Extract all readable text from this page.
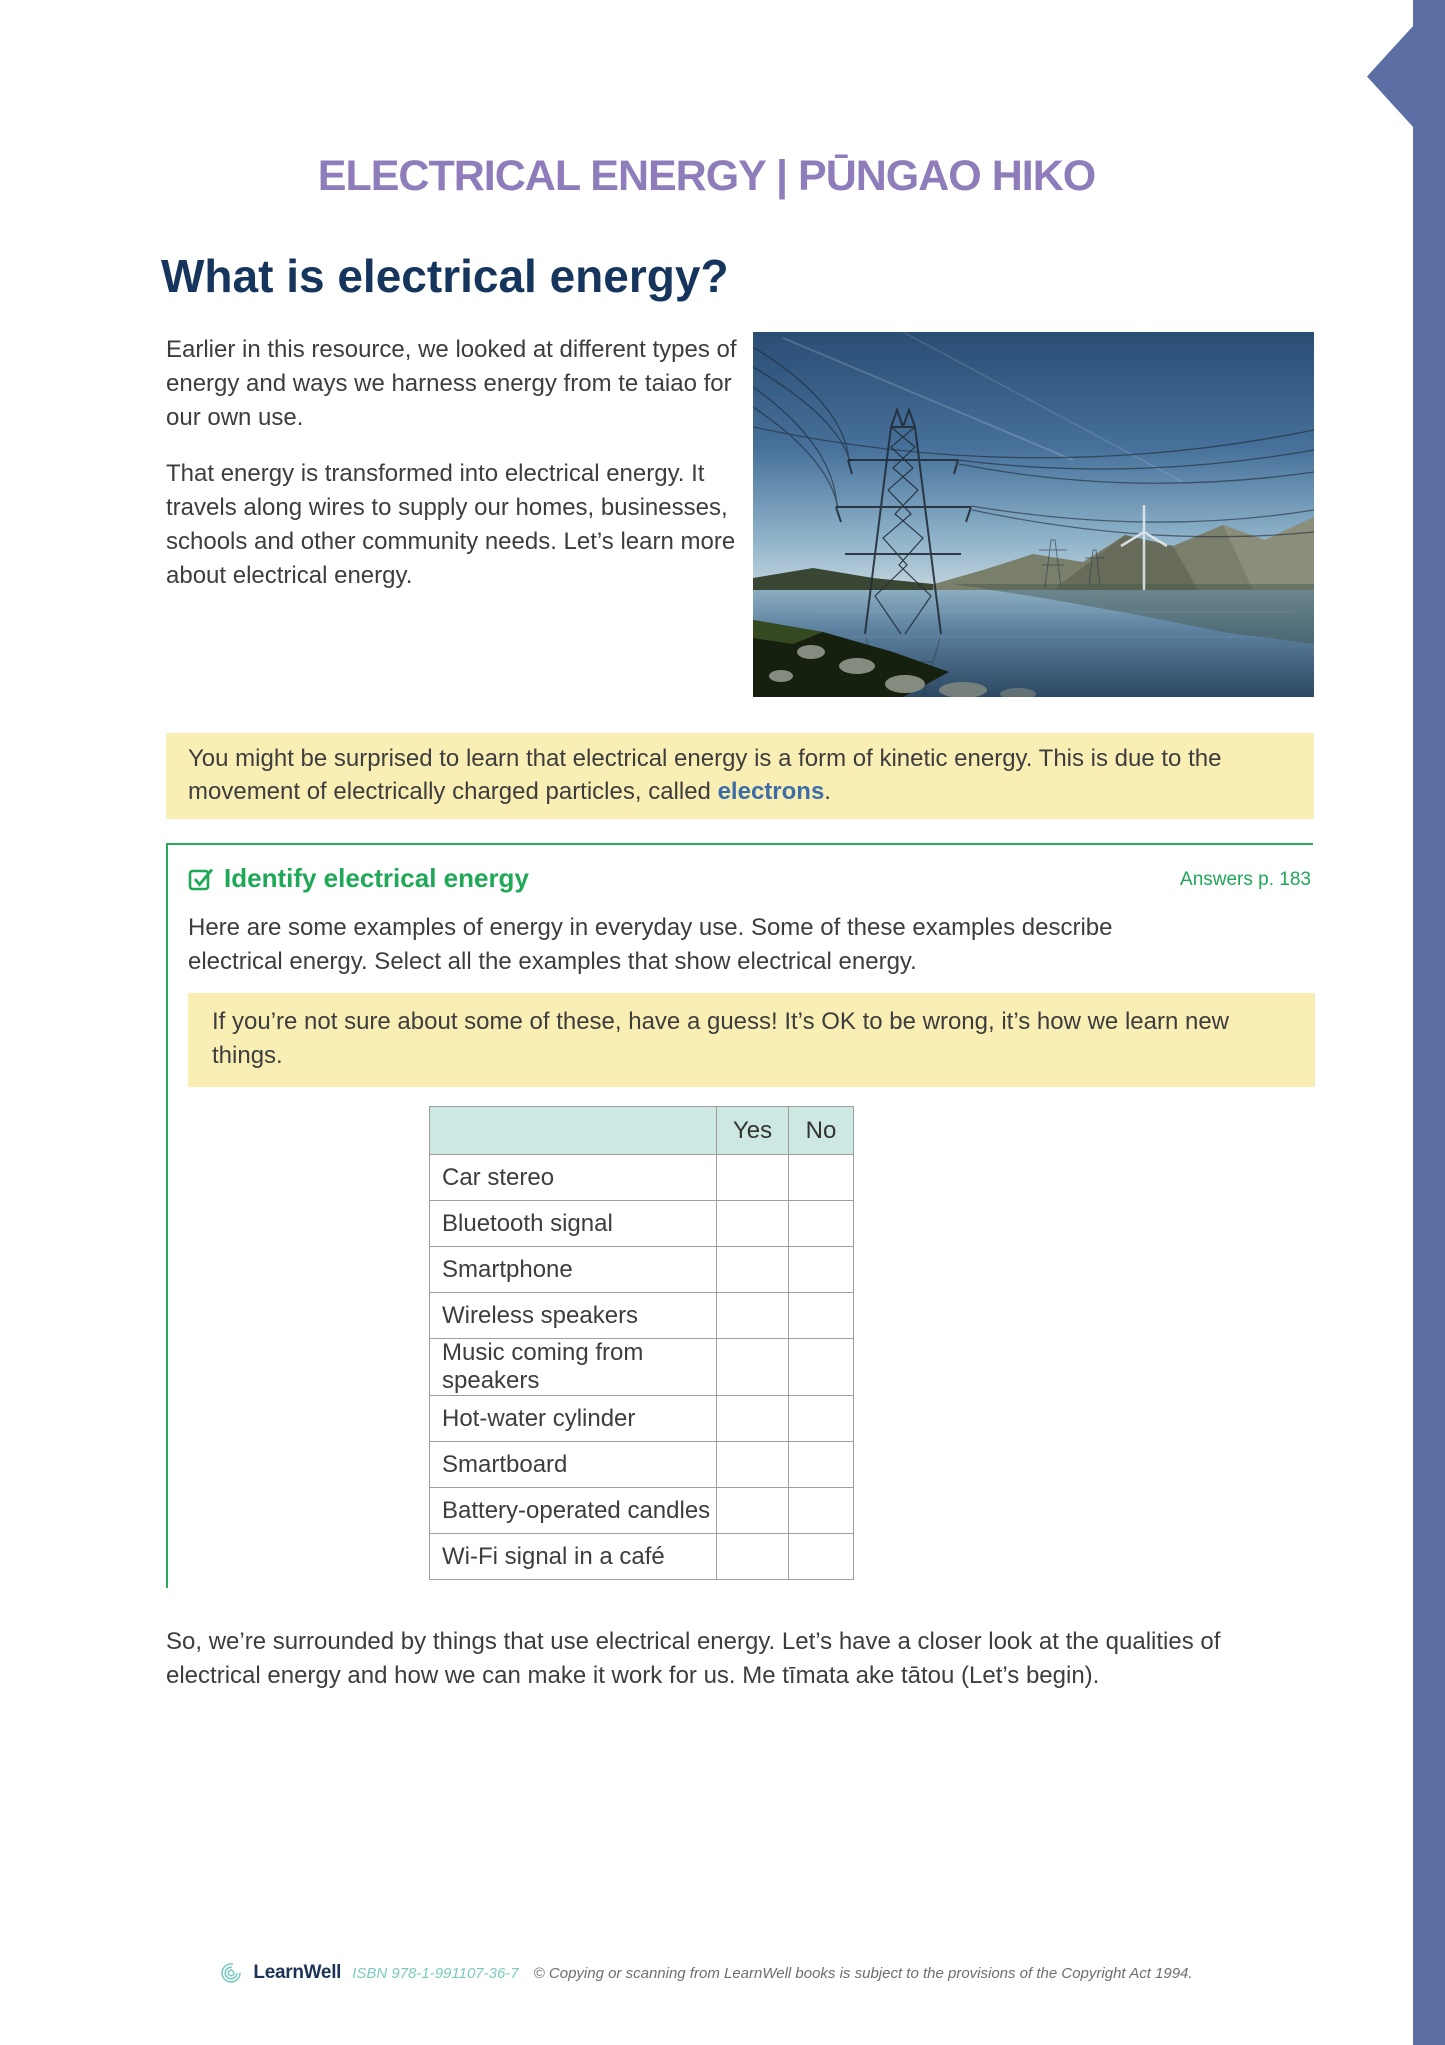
ELECTRICAL ENERGY | PŪNGAO HIKO
What is electrical energy?

Earlier in this resource, we looked at different types of energy and ways we harness energy from te taiao for our own use.

That energy is transformed into electrical energy. It travels along wires to supply our homes, businesses, schools and other community needs. Let’s learn more about electrical energy.

You might be surprised to learn that electrical energy is a form of kinetic energy. This is due to the movement of electrically charged particles, called electrons.
Identify electrical energy	Answers p. 183

Here are some examples of energy in everyday use. Some of these examples describe electrical energy. Select all the examples that show electrical energy.

If you’re not sure about some of these, have a guess! It’s OK to be wrong, it’s how we learn new things.
	Yes	No
Car stereo		
Bluetooth signal		
Smartphone		
Wireless speakers		
Music coming from speakers		
Hot-water cylinder		
Smartboard		
Battery-operated candles		
Wi-Fi signal in a café		

So, we’re surrounded by things that use electrical energy. Let’s have a closer look at the qualities of electrical energy and how we can make it work for us. Me tīmata ake tātou (Let’s begin).

LearnWell ISBN 978-1-991107-36-7 © Copying or scanning from LearnWell books is subject to the provisions of the Copyright Act 1994.
